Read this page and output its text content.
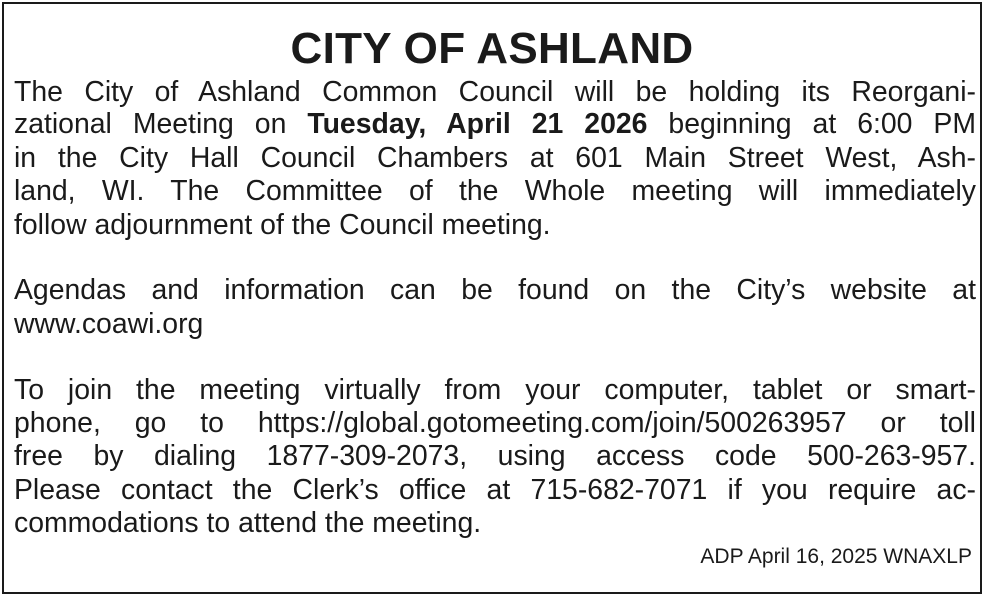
CITY OF ASHLAND

The City of Ashland Common Council will be holding its Reorgani-

zational Meeting on Tuesday, April 21 2026 beginning at 6:00 PM

in the City Hall Council Chambers at 601 Main Street West, Ash-

land, WI. The Committee of the Whole meeting will immediately

follow adjournment of the Council meeting.

Agendas and information can be found on the City’s website at

www.coawi.org

To join the meeting virtually from your computer, tablet or smart-

phone, go to https://global.gotomeeting.com/join/500263957 or toll

free by dialing 1877-309-2073, using access code 500-263-957.

Please contact the Clerk’s office at 715-682-7071 if you require ac-

commodations to attend the meeting.

ADP April 16, 2025 WNAXLP
